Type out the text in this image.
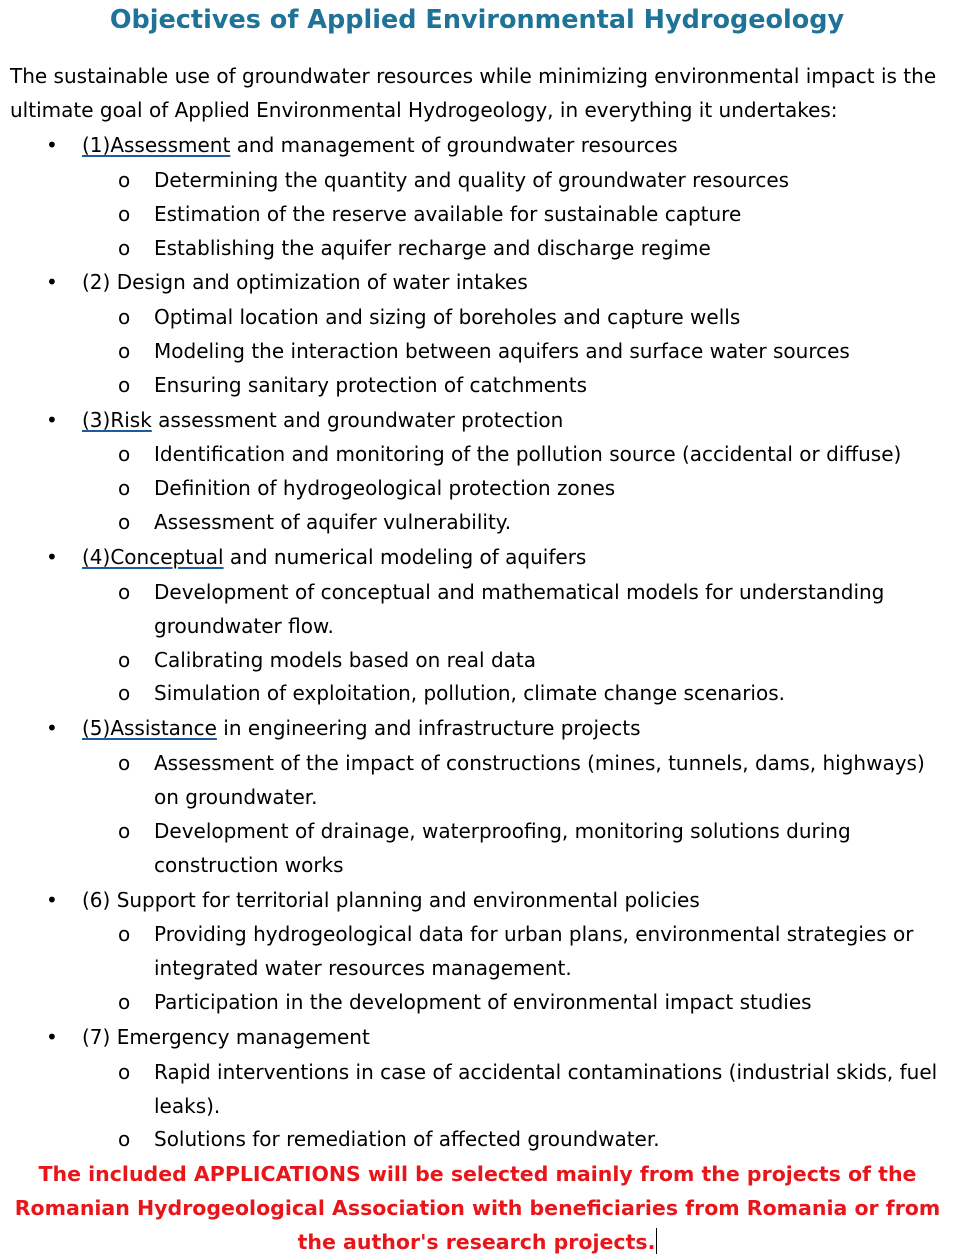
Objectives of Applied Environmental Hydrogeology
The sustainable use of groundwater resources while minimizing environmental impact is the ultimate goal of Applied Environmental Hydrogeology, in everything it undertakes:
• (1)Assessment and management of groundwater resources
o Determining the quantity and quality of groundwater resources
o Estimation of the reserve available for sustainable capture
o Establishing the aquifer recharge and discharge regime
• (2) Design and optimization of water intakes
o Optimal location and sizing of boreholes and capture wells
o Modeling the interaction between aquifers and surface water sources
o Ensuring sanitary protection of catchments
• (3)Risk assessment and groundwater protection
o Identification and monitoring of the pollution source (accidental or diffuse)
o Definition of hydrogeological protection zones
o Assessment of aquifer vulnerability.
• (4)Conceptual and numerical modeling of aquifers
o Development of conceptual and mathematical models for understanding groundwater flow.
o Calibrating models based on real data
o Simulation of exploitation, pollution, climate change scenarios.
• (5)Assistance in engineering and infrastructure projects
o Assessment of the impact of constructions (mines, tunnels, dams, highways) on groundwater.
o Development of drainage, waterproofing, monitoring solutions during construction works
• (6) Support for territorial planning and environmental policies
o Providing hydrogeological data for urban plans, environmental strategies or integrated water resources management.
o Participation in the development of environmental impact studies
• (7) Emergency management
o Rapid interventions in case of accidental contaminations (industrial skids, fuel leaks).
o Solutions for remediation of affected groundwater.
The included APPLICATIONS will be selected mainly from the projects of the Romanian Hydrogeological Association with beneficiaries from Romania or from the author's research projects.
